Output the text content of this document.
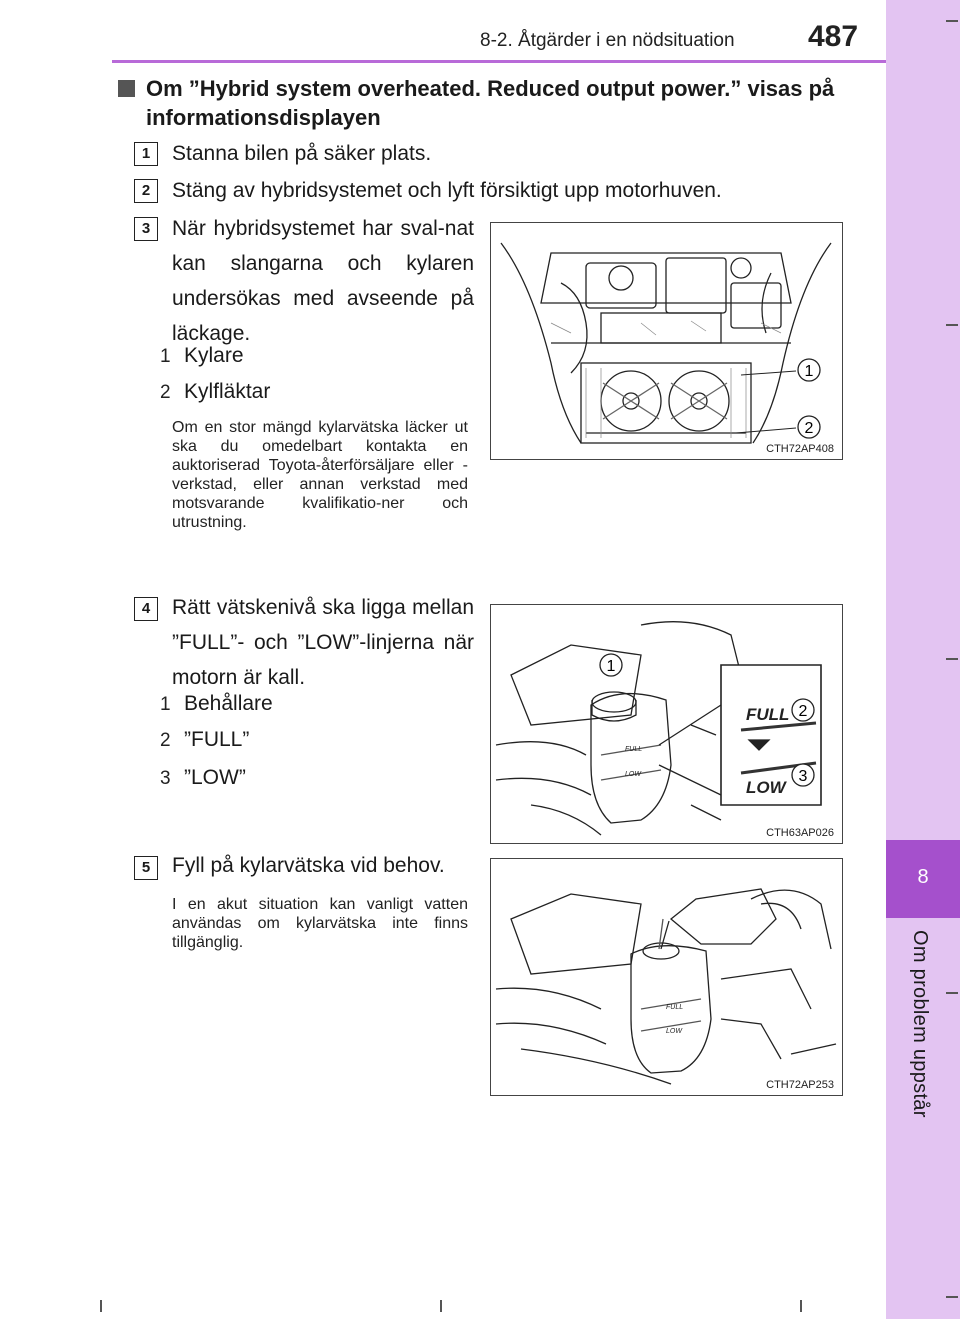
8-2. Åtgärder i en nödsituation 487
8
Om problem uppstår
Om ”Hybrid system overheated. Reduced output power.” visas på informationsdisplayen
1	Stanna bilen på säker plats.
2	Stäng av hybridsystemet och lyft försiktigt upp motorhuven.
3	När hybridsystemet har sval-nat kan slangarna och kylaren undersökas med avseende på läckage.
1 Kylare
2 Kylfläktar
Om en stor mängd kylarvätska läcker ut ska du omedelbart kontakta en auktoriserad Toyota-återförsäljare eller -verkstad, eller annan verkstad med motsvarande kvalifikatio-ner och utrustning.
1
2
CTH72AP408
4	Rätt vätskenivå ska ligga mellan ”FULL”- och ”LOW”-linjerna när motorn är kall.
1 Behållare
2 ”FULL”
3 ”LOW”
FULL
LOW
FULL
LOW
1
2
3
CTH63AP026
5	Fyll på kylarvätska vid behov.
I en akut situation kan vanligt vatten användas om kylarvätska inte finns tillgänglig.
FULL
LOW
CTH72AP253
